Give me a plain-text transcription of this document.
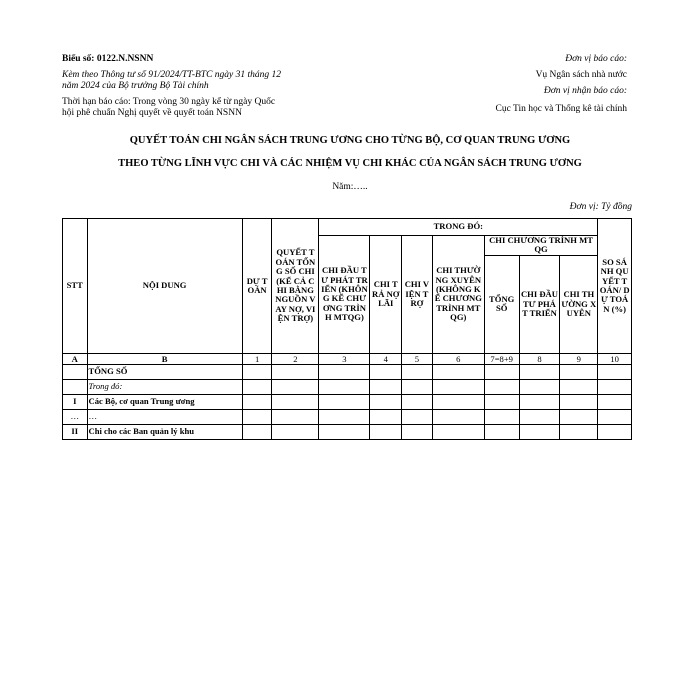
Biểu số: 0122.N.NSNN
Kèm theo Thông tư số 91/2024/TT-BTC ngày 31 tháng 12
năm 2024 của Bộ trưởng Bộ Tài chính
Thời hạn báo cáo: Trong vòng 30 ngày kể từ ngày Quốc
hội phê chuẩn Nghị quyết về quyết toán NSNN
Đơn vị báo cáo:
Vụ Ngân sách nhà nước
Đơn vị nhận báo cáo:
Cục Tin học và Thống kê tài chính
QUYẾT TOÁN CHI NGÂN SÁCH TRUNG ƯƠNG CHO TỪNG BỘ, CƠ QUAN TRUNG ƯƠNG
THEO TỪNG LĨNH VỰC CHI VÀ CÁC NHIỆM VỤ CHI KHÁC CỦA NGÂN SÁCH TRUNG ƯƠNG
Năm:…..
Đơn vị: Tỷ đồng
STT	NỘI DUNG	DỰ TOÁN	QUYẾT TOÁN TỔNG SỐ CHI (KỂ CẢ CHI BẰNG NGUỒN VAY NỢ, VIỆN TRỢ)	TRONG ĐÓ:							SO SÁNH QUYẾT TOÁN/ DỰ TOÁN (%)
				CHI ĐẦU TƯ PHÁT TRIỂN (KHÔNG KỂ CHƯƠNG TRÌNH MTQG)	CHI TRẢ NỢ LÃI	CHI VIỆN TRỢ	CHI THƯỜNG XUYÊN (KHÔNG KỂ CHƯƠNG TRÌNH MTQG)	CHI CHƯƠNG TRÌNH MTQG			
								TỔNG SỐ	CHI ĐẦU TƯ PHÁT TRIỂN	CHI THƯỜNG XUYÊN	
A	B	1	2	3	4	5	6	7=8+9	8	9	10
	TỔNG SỐ										
	Trong đó:										
I	Các Bộ, cơ quan Trung ương										
…	…										
II	Chi cho các Ban quản lý khu										
